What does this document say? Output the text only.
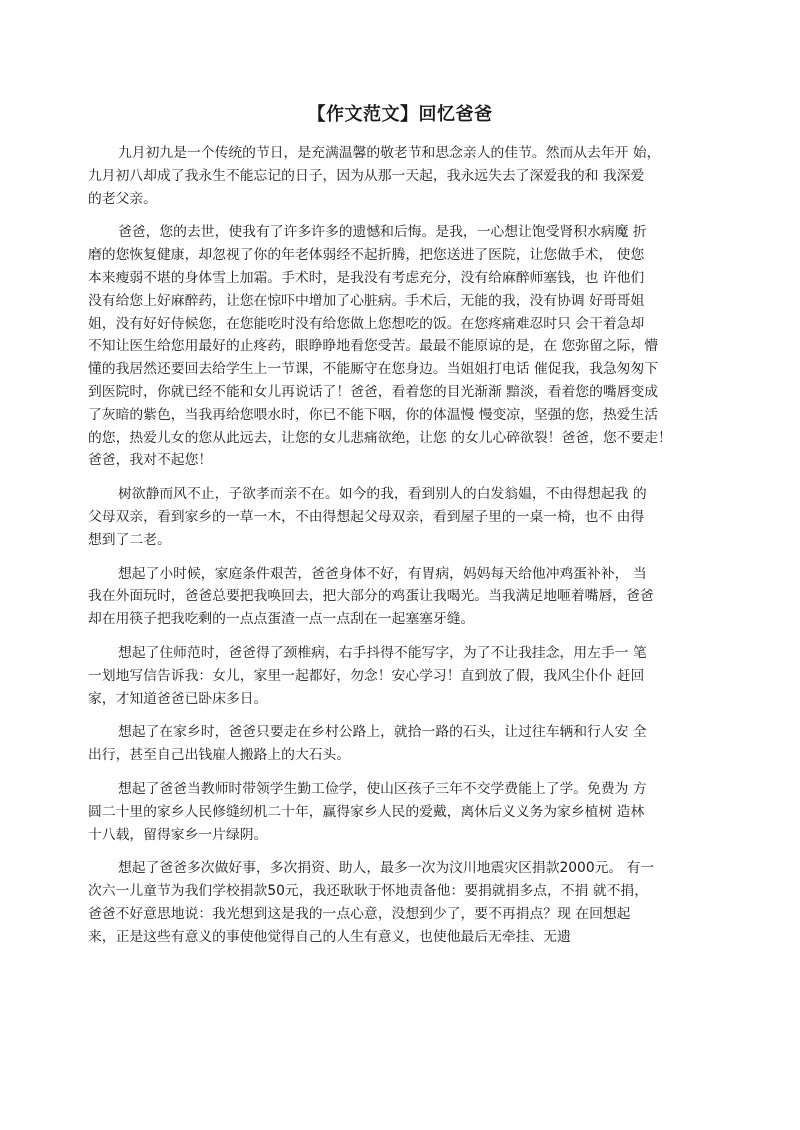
【作文范文】回忆爸爸
九月初九是一个传统的节日，是充满温馨的敬老节和思念亲人的佳节。然而从去年开 始，
九月初八却成了我永生不能忘记的日子，因为从那一天起，我永远失去了深爱我的和 我深爱
的老父亲。
爸爸，您的去世，使我有了许多许多的遗憾和后悔。是我，一心想让饱受肾积水病魔 折
磨的您恢复健康，却忽视了你的年老体弱经不起折腾，把您送进了医院，让您做手术， 使您
本来瘦弱不堪的身体雪上加霜。手术时，是我没有考虑充分，没有给麻醉师塞钱，也 许他们
没有给您上好麻醉药，让您在惊吓中增加了心脏病。手术后，无能的我，没有协调 好哥哥姐
姐，没有好好侍候您，在您能吃时没有给您做上您想吃的饭。在您疼痛难忍时只 会干着急却
不知让医生给您用最好的止疼药，眼睁睁地看您受苦。最最不能原谅的是，在 您弥留之际，懵
懂的我居然还要回去给学生上一节课，不能厮守在您身边。当姐姐打电话 催促我，我急匆匆下
到医院时，你就已经不能和女儿再说话了！爸爸，看着您的目光渐渐 黯淡，看着您的嘴唇变成
了灰暗的紫色，当我再给您喂水时，你已不能下咽，你的体温慢 慢变凉，坚强的您，热爱生活
的您，热爱儿女的您从此远去，让您的女儿悲痛欲绝，让您 的女儿心碎欲裂！爸爸，您不要走！
爸爸，我对不起您！
树欲静而风不止，子欲孝而亲不在。如今的我，看到别人的白发翁媪，不由得想起我 的
父母双亲，看到家乡的一草一木，不由得想起父母双亲，看到屋子里的一桌一椅，也不 由得
想到了二老。
想起了小时候，家庭条件艰苦，爸爸身体不好，有胃病，妈妈每天给他冲鸡蛋补补， 当
我在外面玩时，爸爸总要把我唤回去，把大部分的鸡蛋让我喝光。当我满足地咂着嘴唇，爸爸
却在用筷子把我吃剩的一点点蛋渣一点一点刮在一起塞塞牙缝。
想起了住师范时，爸爸得了颈椎病，右手抖得不能写字，为了不让我挂念，用左手一 笔
一划地写信告诉我：女儿，家里一起都好，勿念！安心学习！直到放了假，我风尘仆仆 赶回
家，才知道爸爸已卧床多日。
想起了在家乡时，爸爸只要走在乡村公路上，就拾一路的石头，让过往车辆和行人安 全
出行，甚至自己出钱雇人搬路上的大石头。
想起了爸爸当教师时带领学生勤工俭学，使山区孩子三年不交学费能上了学。免费为 方
圆二十里的家乡人民修缝纫机二十年，赢得家乡人民的爱戴，离休后义义务为家乡植树 造林
十八载，留得家乡一片绿阴。
想起了爸爸多次做好事，多次捐资、助人，最多一次为汶川地震灾区捐款2000元。 有一
次六一儿童节为我们学校捐款50元，我还耿耿于怀地责备他：要捐就捐多点，不捐 就不捐，
爸爸不好意思地说：我光想到这是我的一点心意，没想到少了，要不再捐点？现 在回想起
来，正是这些有意义的事使他觉得自己的人生有意义，也使他最后无牵挂、无遗
